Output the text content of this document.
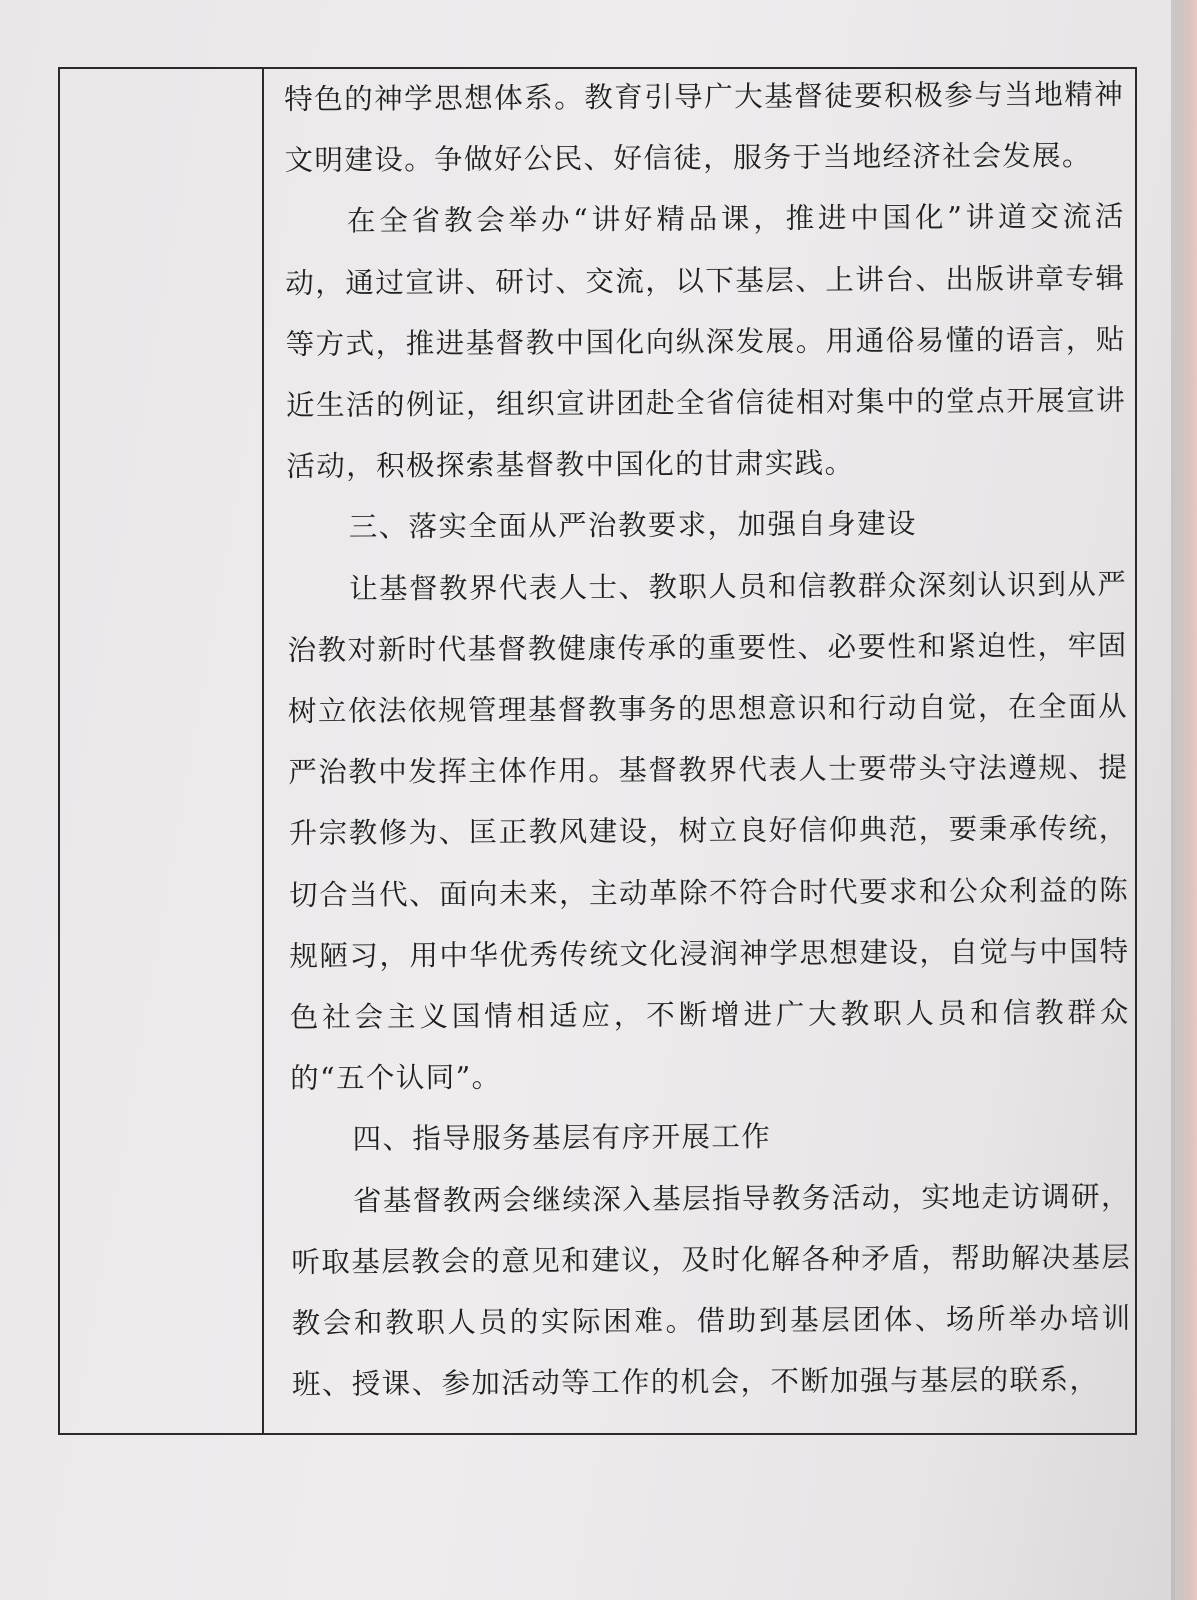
特色的神学思想体系。教育引导广大基督徒要积极参与当地精神文明建设。争做好公民、好信徒，服务于当地经济社会发展。

在全省教会举办“讲好精品课，推进中国化”讲道交流活动，通过宣讲、研讨、交流，以下基层、上讲台、出版讲章专辑等方式，推进基督教中国化向纵深发展。用通俗易懂的语言，贴近生活的例证，组织宣讲团赴全省信徒相对集中的堂点开展宣讲活动，积极探索基督教中国化的甘肃实践。

三、落实全面从严治教要求，加强自身建设

让基督教界代表人士、教职人员和信教群众深刻认识到从严治教对新时代基督教健康传承的重要性、必要性和紧迫性，牢固树立依法依规管理基督教事务的思想意识和行动自觉，在全面从严治教中发挥主体作用。基督教界代表人士要带头守法遵规、提升宗教修为、匡正教风建设，树立良好信仰典范，要秉承传统，切合当代、面向未来，主动革除不符合时代要求和公众利益的陈规陋习，用中华优秀传统文化浸润神学思想建设，自觉与中国特色社会主义国情相适应，不断增进广大教职人员和信教群众的“五个认同”。

四、指导服务基层有序开展工作

省基督教两会继续深入基层指导教务活动，实地走访调研，听取基层教会的意见和建议，及时化解各种矛盾，帮助解决基层教会和教职人员的实际困难。借助到基层团体、场所举办培训班、授课、参加活动等工作的机会，不断加强与基层的联系，
